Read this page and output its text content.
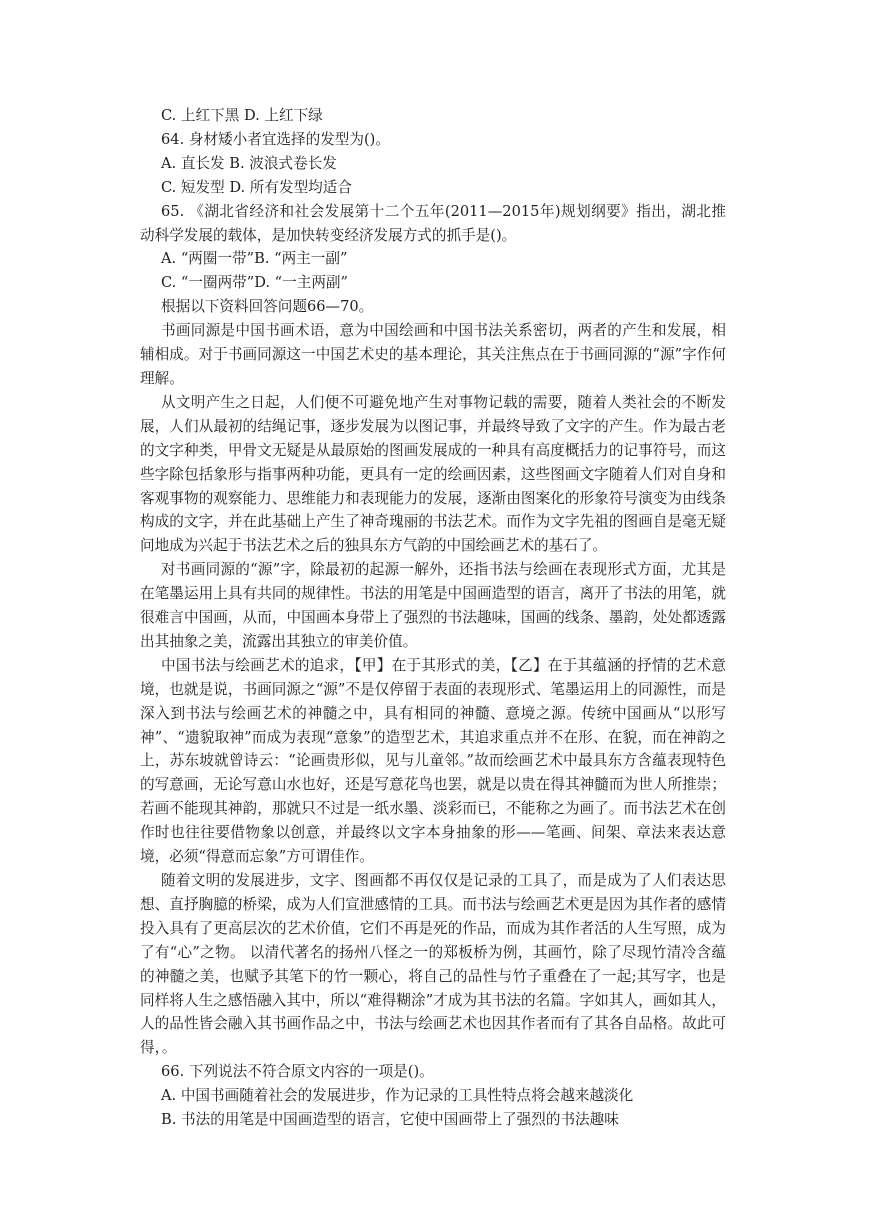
C. 上红下黑 D. 上红下绿

64. 身材矮小者宜选择的发型为()。

A. 直长发 B. 波浪式卷长发

C. 短发型 D. 所有发型均适合

65. 《湖北省经济和社会发展第十二个五年(2011—2015年)规划纲要》指出，湖北推动科学发展的载体，是加快转变经济发展方式的抓手是()。

A. “两圈一带”B. “两主一副”

C. “一圈两带”D. “一主两副”

根据以下资料回答问题66—70。

书画同源是中国书画术语，意为中国绘画和中国书法关系密切，两者的产生和发展，相辅相成。对于书画同源这一中国艺术史的基本理论，其关注焦点在于书画同源的“源”字作何理解。

从文明产生之日起，人们便不可避免地产生对事物记载的需要，随着人类社会的不断发展，人们从最初的结绳记事，逐步发展为以图记事，并最终导致了文字的产生。作为最古老的文字种类，甲骨文无疑是从最原始的图画发展成的一种具有高度概括力的记事符号，而这些字除包括象形与指事两种功能，更具有一定的绘画因素，这些图画文字随着人们对自身和客观事物的观察能力、思维能力和表现能力的发展，逐渐由图案化的形象符号演变为由线条构成的文字，并在此基础上产生了神奇瑰丽的书法艺术。而作为文字先祖的图画自是毫无疑问地成为兴起于书法艺术之后的独具东方气韵的中国绘画艺术的基石了。

对书画同源的“源”字，除最初的起源一解外，还指书法与绘画在表现形式方面，尤其是在笔墨运用上具有共同的规律性。书法的用笔是中国画造型的语言，离开了书法的用笔，就很难言中国画，从而，中国画本身带上了强烈的书法趣味，国画的线条、墨韵，处处都透露出其抽象之美，流露出其独立的审美价值。

中国书法与绘画艺术的追求，【甲】在于其形式的美，【乙】在于其蕴涵的抒情的艺术意境，也就是说，书画同源之“源”不是仅停留于表面的表现形式、笔墨运用上的同源性，而是深入到书法与绘画艺术的神髓之中，具有相同的神髓、意境之源。传统中国画从“以形写神”、“遗貌取神”而成为表现“意象”的造型艺术，其追求重点并不在形、在貌，而在神韵之上，苏东坡就曾诗云：“论画贵形似，见与儿童邻。”故而绘画艺术中最具东方含蕴表现特色的写意画，无论写意山水也好，还是写意花鸟也罢，就是以贵在得其神髓而为世人所推崇；若画不能现其神韵，那就只不过是一纸水墨、淡彩而已，不能称之为画了。而书法艺术在创作时也往往要借物象以创意，并最终以文字本身抽象的形——笔画、间架、章法来表达意境，必须“得意而忘象”方可谓佳作。

随着文明的发展进步，文字、图画都不再仅仅是记录的工具了，而是成为了人们表达思想、直抒胸臆的桥梁，成为人们宣泄感情的工具。而书法与绘画艺术更是因为其作者的感情投入具有了更高层次的艺术价值，它们不再是死的作品，而成为其作者活的人生写照，成为了有“心”之物。 以清代著名的扬州八怪之一的郑板桥为例，其画竹，除了尽现竹清冷含蕴的神髓之美，也赋予其笔下的竹一颗心，将自己的品性与竹子重叠在了一起;其写字，也是同样将人生之感悟融入其中，所以“难得糊涂”才成为其书法的名篇。字如其人，画如其人，人的品性皆会融入其书画作品之中，书法与绘画艺术也因其作者而有了其各自品格。故此可得，。

66. 下列说法不符合原文内容的一项是()。

A. 中国书画随着社会的发展进步，作为记录的工具性特点将会越来越淡化

B. 书法的用笔是中国画造型的语言，它使中国画带上了强烈的书法趣味
